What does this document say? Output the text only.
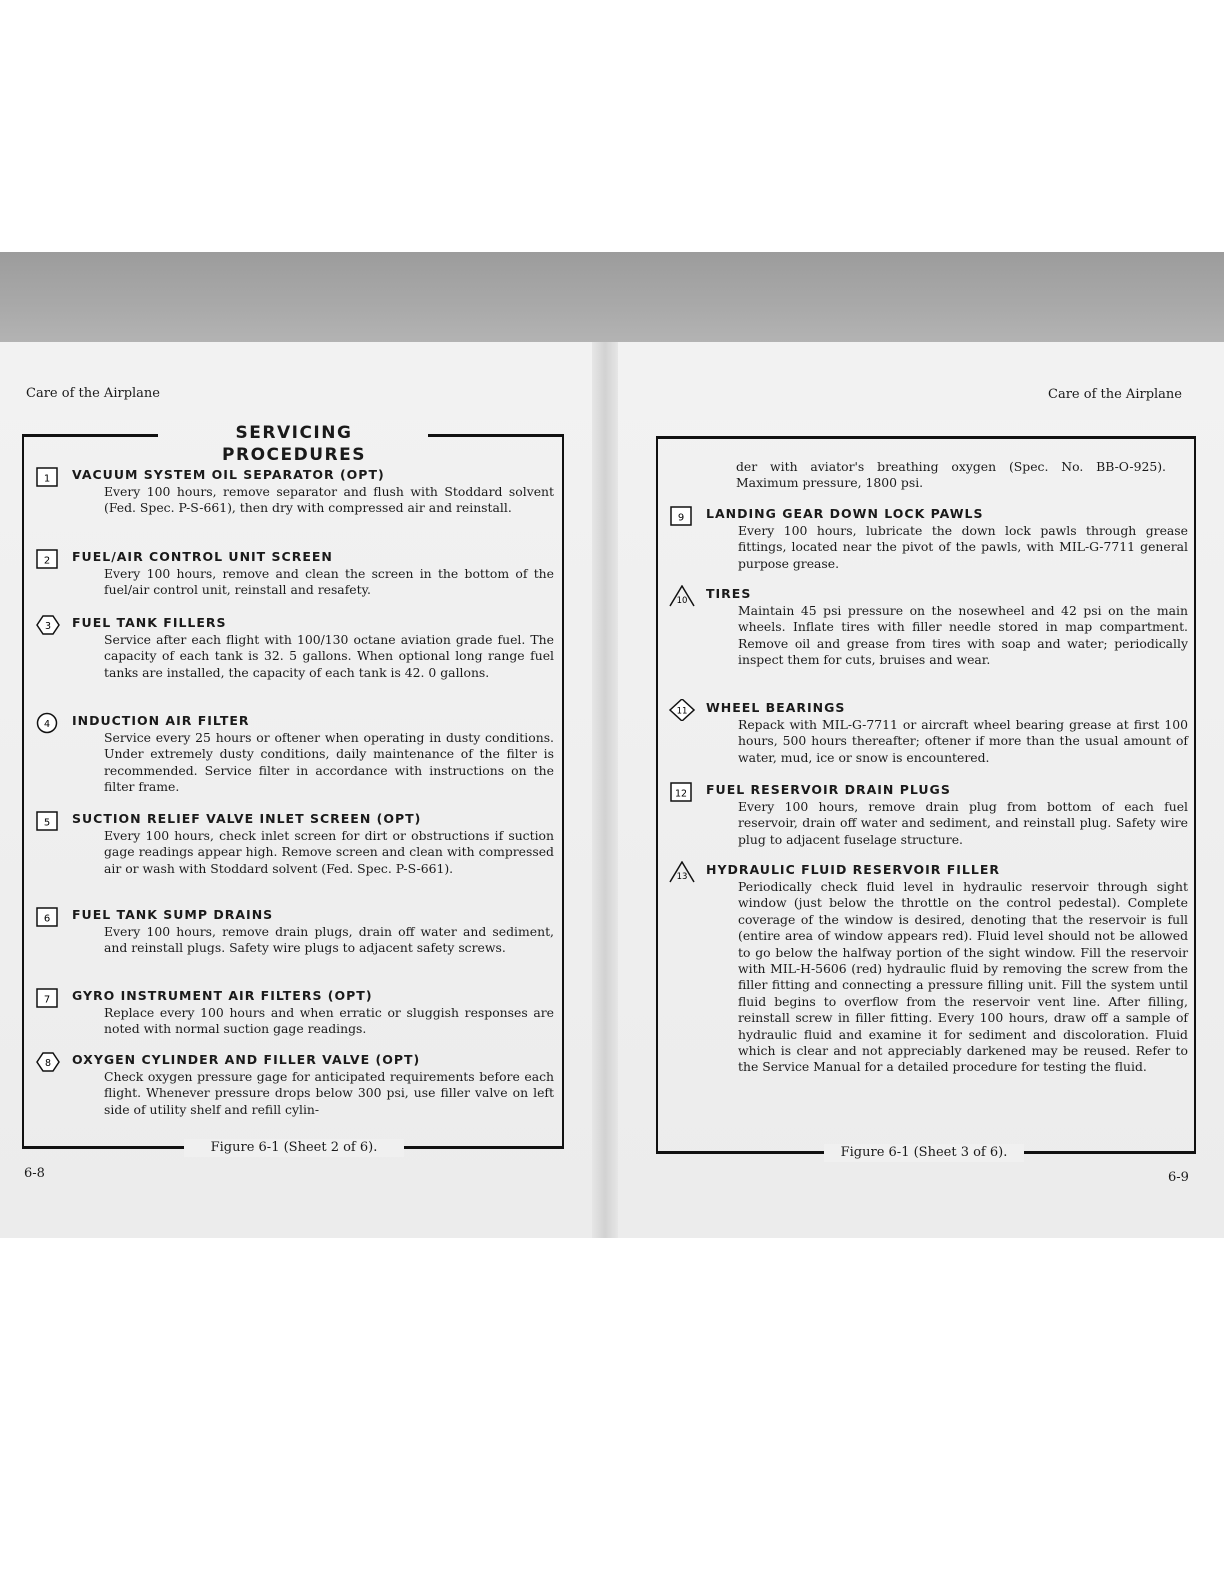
Care of the Airplane
6-8
SERVICING PROCEDURES
1 VACUUM SYSTEM OIL SEPARATOR (OPT)
Every 100 hours, remove separator and flush with Stoddard solvent (Fed. Spec. P-S-661), then dry with compressed air and reinstall.
2 FUEL/AIR CONTROL UNIT SCREEN
Every 100 hours, remove and clean the screen in the bottom of the fuel/air control unit, reinstall and resafety.
3 FUEL TANK FILLERS
Service after each flight with 100/130 octane aviation grade fuel. The capacity of each tank is 32. 5 gallons. When optional long range fuel tanks are installed, the capacity of each tank is 42. 0 gallons.
4 INDUCTION AIR FILTER
Service every 25 hours or oftener when operating in dusty conditions. Under extremely dusty conditions, daily maintenance of the filter is recommended. Service filter in accordance with instructions on the filter frame.
5 SUCTION RELIEF VALVE INLET SCREEN (OPT)
Every 100 hours, check inlet screen for dirt or obstructions if suction gage readings appear high. Remove screen and clean with compressed air or wash with Stoddard solvent (Fed. Spec. P-S-661).
6 FUEL TANK SUMP DRAINS
Every 100 hours, remove drain plugs, drain off water and sediment, and reinstall plugs. Safety wire plugs to adjacent safety screws.
7 GYRO INSTRUMENT AIR FILTERS (OPT)
Replace every 100 hours and when erratic or sluggish responses are noted with normal suction gage readings.
8 OXYGEN CYLINDER AND FILLER VALVE (OPT)
Check oxygen pressure gage for anticipated requirements before each flight. Whenever pressure drops below 300 psi, use filler valve on left side of utility shelf and refill cylin-
Figure 6-1 (Sheet 2 of 6).
Care of the Airplane
6-9
der with aviator's breathing oxygen (Spec. No. BB-O-925). Maximum pressure, 1800 psi.
9 LANDING GEAR DOWN LOCK PAWLS
Every 100 hours, lubricate the down lock pawls through grease fittings, located near the pivot of the pawls, with MIL-G-7711 general purpose grease.
10 TIRES
Maintain 45 psi pressure on the nosewheel and 42 psi on the main wheels. Inflate tires with filler needle stored in map compartment. Remove oil and grease from tires with soap and water; periodically inspect them for cuts, bruises and wear.
11 WHEEL BEARINGS
Repack with MIL-G-7711 or aircraft wheel bearing grease at first 100 hours, 500 hours thereafter; oftener if more than the usual amount of water, mud, ice or snow is encountered.
12 FUEL RESERVOIR DRAIN PLUGS
Every 100 hours, remove drain plug from bottom of each fuel reservoir, drain off water and sediment, and reinstall plug. Safety wire plug to adjacent fuselage structure.
13 HYDRAULIC FLUID RESERVOIR FILLER
Periodically check fluid level in hydraulic reservoir through sight window (just below the throttle on the control pedestal). Complete coverage of the window is desired, denoting that the reservoir is full (entire area of window appears red). Fluid level should not be allowed to go below the halfway portion of the sight window. Fill the reservoir with MIL-H-5606 (red) hydraulic fluid by removing the screw from the filler fitting and connecting a pressure filling unit. Fill the system until fluid begins to overflow from the reservoir vent line. After filling, reinstall screw in filler fitting. Every 100 hours, draw off a sample of hydraulic fluid and examine it for sediment and discoloration. Fluid which is clear and not appreciably darkened may be reused. Refer to the Service Manual for a detailed procedure for testing the fluid.
Figure 6-1 (Sheet 3 of 6).
